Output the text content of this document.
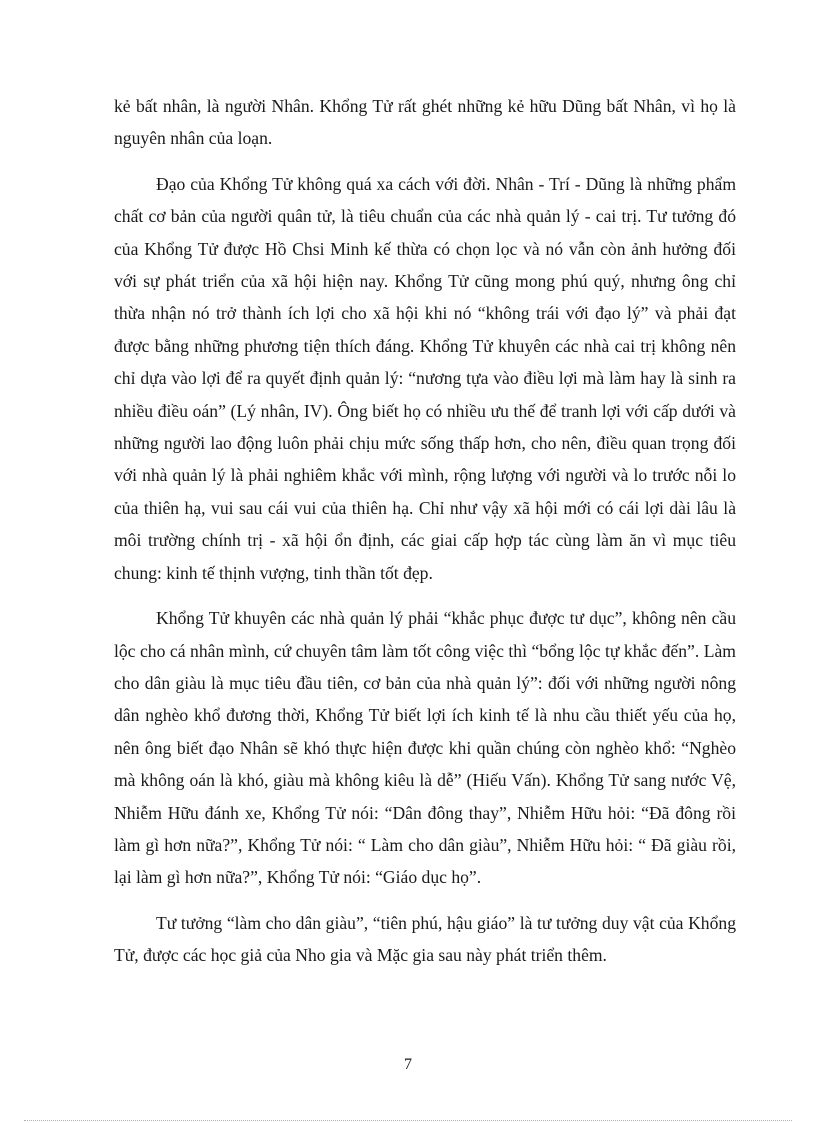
kẻ bất nhân, là người Nhân. Khổng Tử rất ghét những kẻ hữu Dũng bất Nhân, vì họ là nguyên nhân của loạn.

Đạo của Khổng Tử không quá xa cách với đời. Nhân - Trí - Dũng là những phẩm chất cơ bản của người quân tử, là tiêu chuẩn của các nhà quản lý - cai trị. Tư tưởng đó của Khổng Tử được Hồ Chsi Minh kế thừa có chọn lọc và nó vẫn còn ảnh hưởng đối với sự phát triển của xã hội hiện nay. Khổng Tử cũng mong phú quý, nhưng ông chỉ thừa nhận nó trở thành ích lợi cho xã hội khi nó “không trái với đạo lý” và phải đạt được bằng những phương tiện thích đáng. Khổng Tử khuyên các nhà cai trị không nên chỉ dựa vào lợi để ra quyết định quản lý: “nương tựa vào điều lợi mà làm hay là sinh ra nhiều điều oán” (Lý nhân, IV). Ông biết họ có nhiều ưu thế để tranh lợi với cấp dưới và những người lao động luôn phải chịu mức sống thấp hơn, cho nên, điều quan trọng đối với nhà quản lý là phải nghiêm khắc với mình, rộng lượng với người và lo trước nỗi lo của thiên hạ, vui sau cái vui của thiên hạ. Chỉ như vậy xã hội mới có cái lợi dài lâu là môi trường chính trị - xã hội ổn định, các giai cấp hợp tác cùng làm ăn vì mục tiêu chung: kinh tế thịnh vượng, tinh thần tốt đẹp.

Khổng Tử khuyên các nhà quản lý phải “khắc phục được tư dục”, không nên cầu lộc cho cá nhân mình, cứ chuyên tâm làm tốt công việc thì “bổng lộc tự khắc đến”. Làm cho dân giàu là mục tiêu đầu tiên, cơ bản của nhà quản lý”: đối với những người nông dân nghèo khổ đương thời, Khổng Tử biết lợi ích kinh tế là nhu cầu thiết yếu của họ, nên ông biết đạo Nhân sẽ khó thực hiện được khi quần chúng còn nghèo khổ: “Nghèo mà không oán là khó, giàu mà không kiêu là dễ” (Hiếu Vấn). Khổng Tử sang nước Vệ, Nhiễm Hữu đánh xe, Khổng Tử nói: “Dân đông thay”, Nhiễm Hữu hỏi: “Đã đông rồi làm gì hơn nữa?”, Khổng Tử nói: “ Làm cho dân giàu”, Nhiễm Hữu hỏi: “ Đã giàu rồi, lại làm gì hơn nữa?”, Khổng Tử nói: “Giáo dục họ”.

Tư tưởng “làm cho dân giàu”, “tiên phú, hậu giáo” là tư tưởng duy vật của Khổng Tử, được các học giả của Nho gia và Mặc gia sau này phát triển thêm.

7
